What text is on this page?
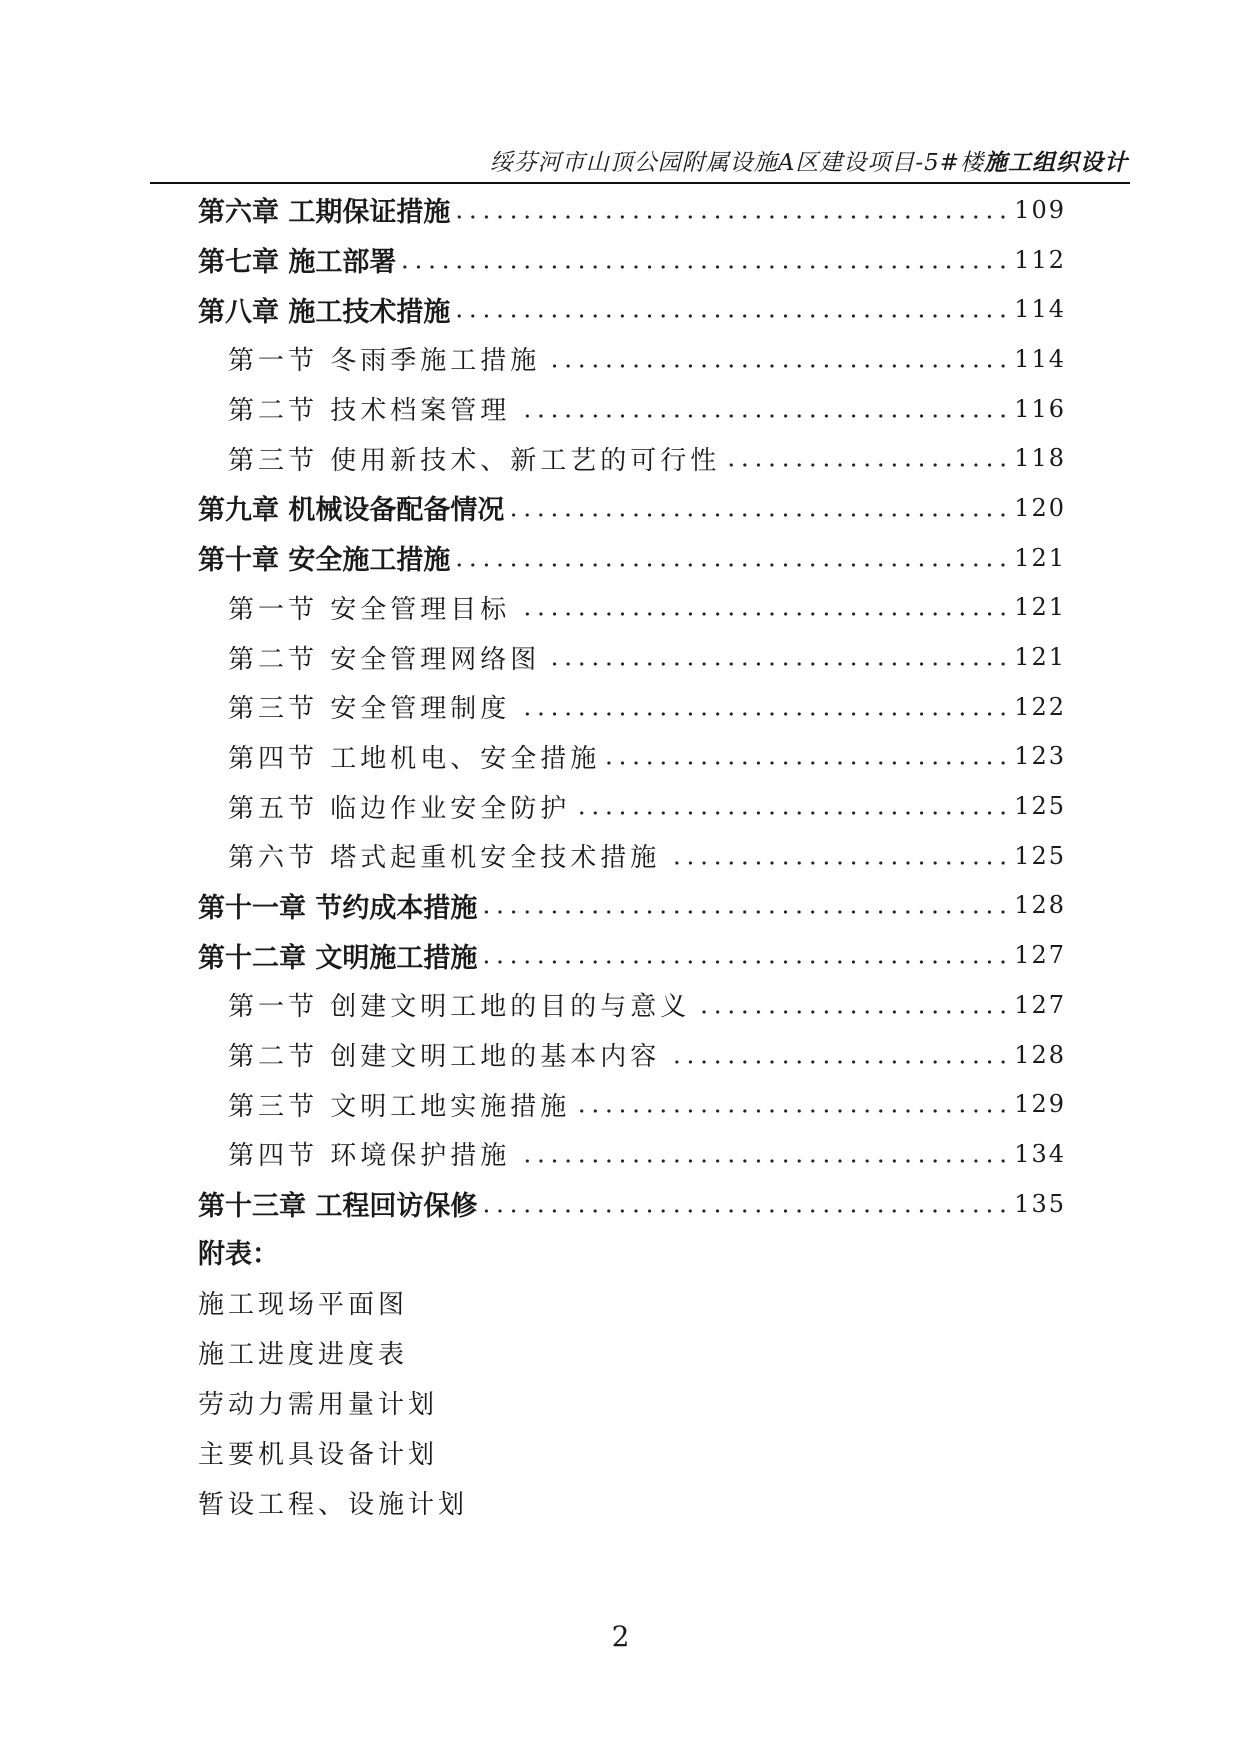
绥芬河市山顶公园附属设施A区建设项目-5#楼施工组织设计
第六章 工期保证措施	109
第七章 施工部署	112
第八章 施工技术措施	114
第一节 冬雨季施工措施	114
第二节 技术档案管理	116
第三节 使用新技术、新工艺的可行性	118
第九章 机械设备配备情况	120
第十章 安全施工措施	121
第一节 安全管理目标	121
第二节 安全管理网络图	121
第三节 安全管理制度	122
第四节 工地机电、安全措施	123
第五节 临边作业安全防护	125
第六节 塔式起重机安全技术措施	125
第十一章 节约成本措施	128
第十二章 文明施工措施	127
第一节 创建文明工地的目的与意义	127
第二节 创建文明工地的基本内容	128
第三节 文明工地实施措施	129
第四节 环境保护措施	134
第十三章 工程回访保修	135
附表：
施工现场平面图
施工进度进度表
劳动力需用量计划
主要机具设备计划
暂设工程、设施计划
2
